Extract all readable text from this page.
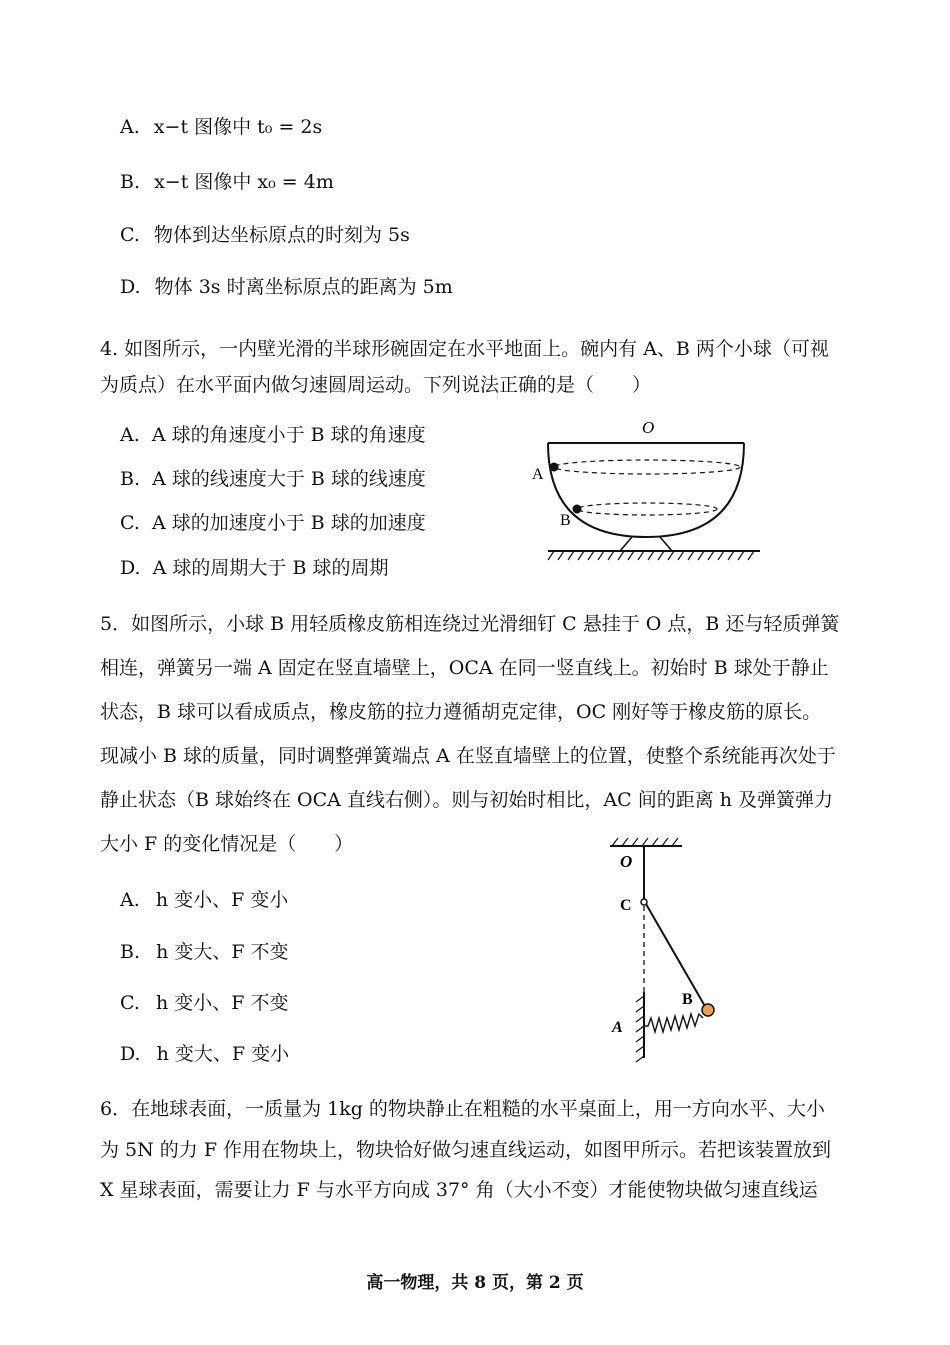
A. x−t 图像中 t₀ = 2s
B. x−t 图像中 x₀ = 4m
C. 物体到达坐标原点的时刻为 5s
D. 物体 3s 时离坐标原点的距离为 5m
4. 如图所示，一内壁光滑的半球形碗固定在水平地面上。碗内有 A、B 两个小球（可视
为质点）在水平面内做匀速圆周运动。下列说法正确的是（　　）
A. A 球的角速度小于 B 球的角速度
B. A 球的线速度大于 B 球的线速度
C. A 球的加速度小于 B 球的加速度
D. A 球的周期大于 B 球的周期
O
A
B
5．如图所示，小球 B 用轻质橡皮筋相连绕过光滑细钉 C 悬挂于 O 点，B 还与轻质弹簧
相连，弹簧另一端 A 固定在竖直墙壁上，OCA 在同一竖直线上。初始时 B 球处于静止
状态，B 球可以看成质点，橡皮筋的拉力遵循胡克定律，OC 刚好等于橡皮筋的原长。
现减小 B 球的质量，同时调整弹簧端点 A 在竖直墙壁上的位置，使整个系统能再次处于
静止状态（B 球始终在 OCA 直线右侧）。则与初始时相比，AC 间的距离 h 及弹簧弹力
大小 F 的变化情况是（　　）
A. h 变小、F 变小
B. h 变大、F 不变
C. h 变小、F 不变
D. h 变大、F 变小
O
C
A
B
6．在地球表面，一质量为 1kg 的物块静止在粗糙的水平桌面上，用一方向水平、大小
为 5N 的力 F 作用在物块上，物块恰好做匀速直线运动，如图甲所示。若把该装置放到
X 星球表面，需要让力 F 与水平方向成 37° 角（大小不变）才能使物块做匀速直线运
高一物理，共 8 页，第 2 页
